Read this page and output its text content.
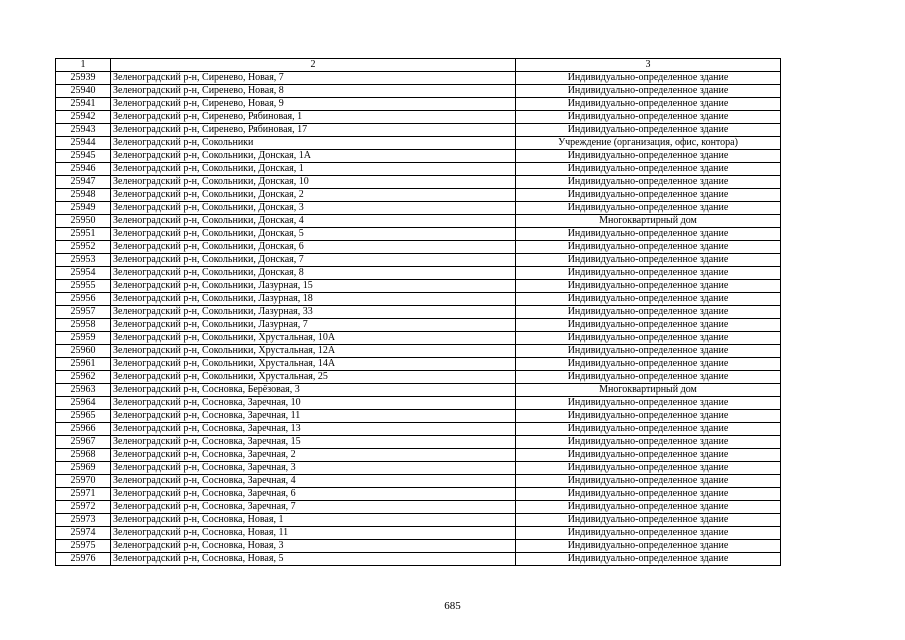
1	2	3
25939	Зеленоградский р-н, Сиренево, Новая, 7	Индивидуально-определенное здание
25940	Зеленоградский р-н, Сиренево, Новая, 8	Индивидуально-определенное здание
25941	Зеленоградский р-н, Сиренево, Новая, 9	Индивидуально-определенное здание
25942	Зеленоградский р-н, Сиренево, Рябиновая, 1	Индивидуально-определенное здание
25943	Зеленоградский р-н, Сиренево, Рябиновая, 17	Индивидуально-определенное здание
25944	Зеленоградский р-н, Сокольники	Учреждение (организация, офис, контора)
25945	Зеленоградский р-н, Сокольники, Донская, 1А	Индивидуально-определенное здание
25946	Зеленоградский р-н, Сокольники, Донская, 1	Индивидуально-определенное здание
25947	Зеленоградский р-н, Сокольники, Донская, 10	Индивидуально-определенное здание
25948	Зеленоградский р-н, Сокольники, Донская, 2	Индивидуально-определенное здание
25949	Зеленоградский р-н, Сокольники, Донская, 3	Индивидуально-определенное здание
25950	Зеленоградский р-н, Сокольники, Донская, 4	Многоквартирный дом
25951	Зеленоградский р-н, Сокольники, Донская, 5	Индивидуально-определенное здание
25952	Зеленоградский р-н, Сокольники, Донская, 6	Индивидуально-определенное здание
25953	Зеленоградский р-н, Сокольники, Донская, 7	Индивидуально-определенное здание
25954	Зеленоградский р-н, Сокольники, Донская, 8	Индивидуально-определенное здание
25955	Зеленоградский р-н, Сокольники, Лазурная, 15	Индивидуально-определенное здание
25956	Зеленоградский р-н, Сокольники, Лазурная, 18	Индивидуально-определенное здание
25957	Зеленоградский р-н, Сокольники, Лазурная, 33	Индивидуально-определенное здание
25958	Зеленоградский р-н, Сокольники, Лазурная, 7	Индивидуально-определенное здание
25959	Зеленоградский р-н, Сокольники, Хрустальная, 10А	Индивидуально-определенное здание
25960	Зеленоградский р-н, Сокольники, Хрустальная, 12А	Индивидуально-определенное здание
25961	Зеленоградский р-н, Сокольники, Хрустальная, 14А	Индивидуально-определенное здание
25962	Зеленоградский р-н, Сокольники, Хрустальная, 25	Индивидуально-определенное здание
25963	Зеленоградский р-н, Сосновка, Берёзовая, 3	Многоквартирный дом
25964	Зеленоградский р-н, Сосновка, Заречная, 10	Индивидуально-определенное здание
25965	Зеленоградский р-н, Сосновка, Заречная, 11	Индивидуально-определенное здание
25966	Зеленоградский р-н, Сосновка, Заречная, 13	Индивидуально-определенное здание
25967	Зеленоградский р-н, Сосновка, Заречная, 15	Индивидуально-определенное здание
25968	Зеленоградский р-н, Сосновка, Заречная, 2	Индивидуально-определенное здание
25969	Зеленоградский р-н, Сосновка, Заречная, 3	Индивидуально-определенное здание
25970	Зеленоградский р-н, Сосновка, Заречная, 4	Индивидуально-определенное здание
25971	Зеленоградский р-н, Сосновка, Заречная, 6	Индивидуально-определенное здание
25972	Зеленоградский р-н, Сосновка, Заречная, 7	Индивидуально-определенное здание
25973	Зеленоградский р-н, Сосновка, Новая, 1	Индивидуально-определенное здание
25974	Зеленоградский р-н, Сосновка, Новая, 11	Индивидуально-определенное здание
25975	Зеленоградский р-н, Сосновка, Новая, 3	Индивидуально-определенное здание
25976	Зеленоградский р-н, Сосновка, Новая, 5	Индивидуально-определенное здание
685
